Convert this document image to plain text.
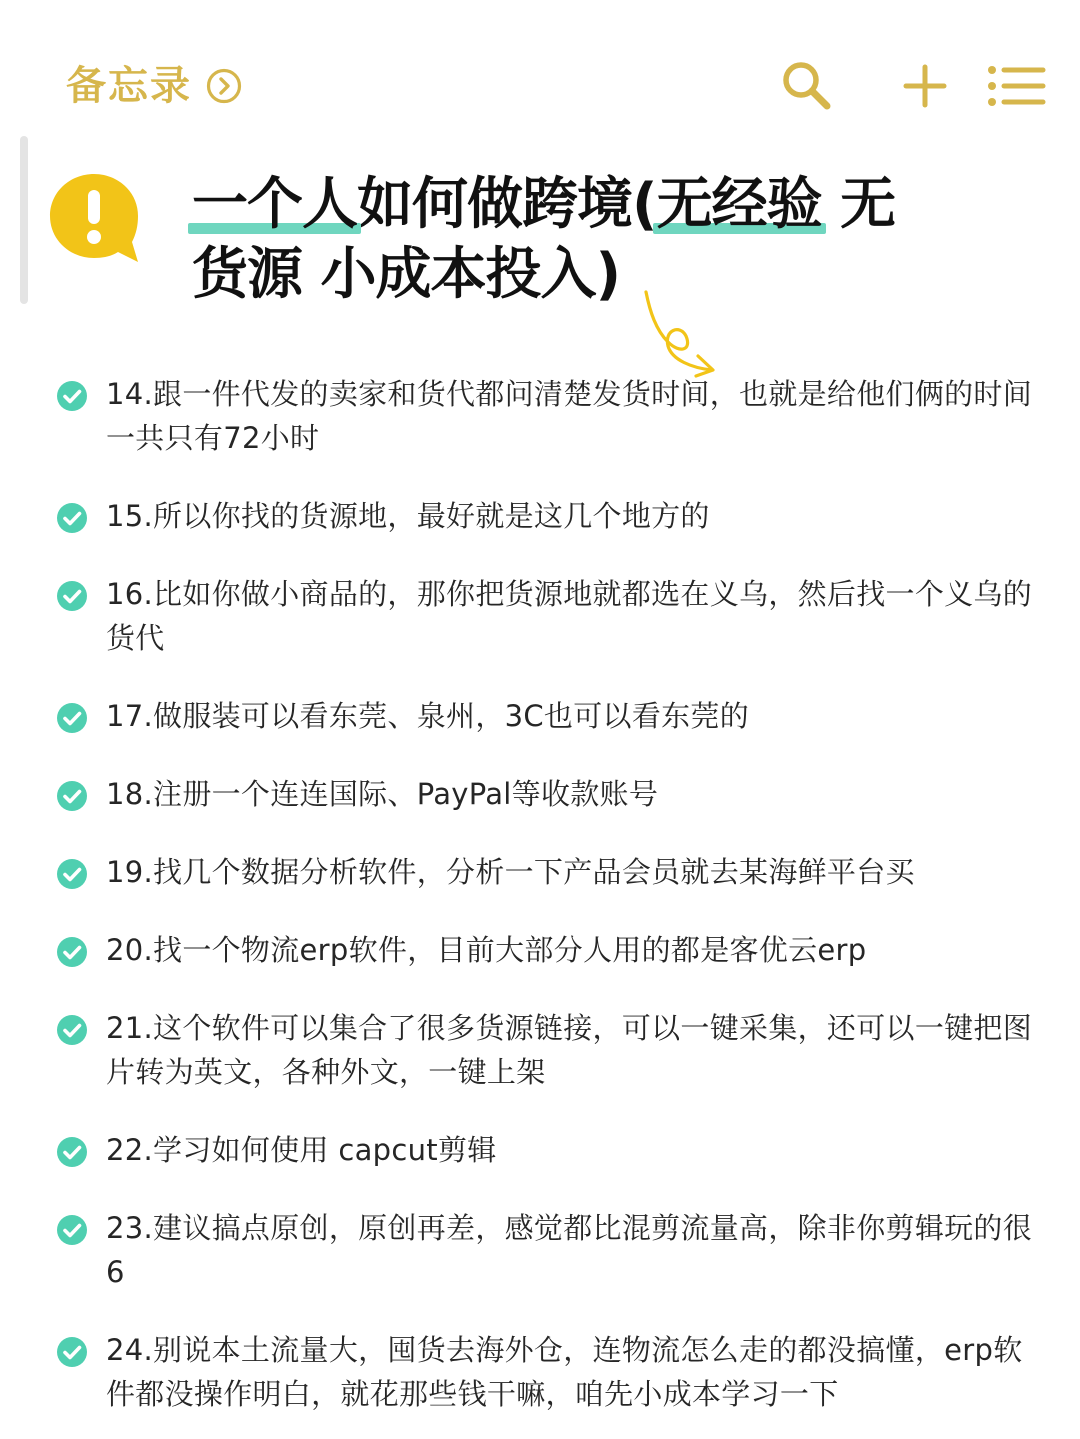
备忘录
一个人如何做跨境(无经验 无
货源 小成本投入)
14.跟一件代发的卖家和货代都问清楚发货时间，也就是给他们俩的时间一共只有72小时
15.所以你找的货源地，最好就是这几个地方的
16.比如你做小商品的，那你把货源地就都选在义乌，然后找一个义乌的货代
17.做服装可以看东莞、泉州，3C也可以看东莞的
18.注册一个连连国际、PayPal等收款账号
19.找几个数据分析软件，分析一下产品会员就去某海鲜平台买
20.找一个物流erp软件，目前大部分人用的都是客优云erp
21.这个软件可以集合了很多货源链接，可以一键采集，还可以一键把图片转为英文，各种外文，一键上架
22.学习如何使用 capcut剪辑
23.建议搞点原创，原创再差，感觉都比混剪流量高，除非你剪辑玩的很6
24.别说本土流量大，囤货去海外仓，连物流怎么走的都没搞懂，erp软件都没操作明白，就花那些钱干嘛，咱先小成本学习一下
